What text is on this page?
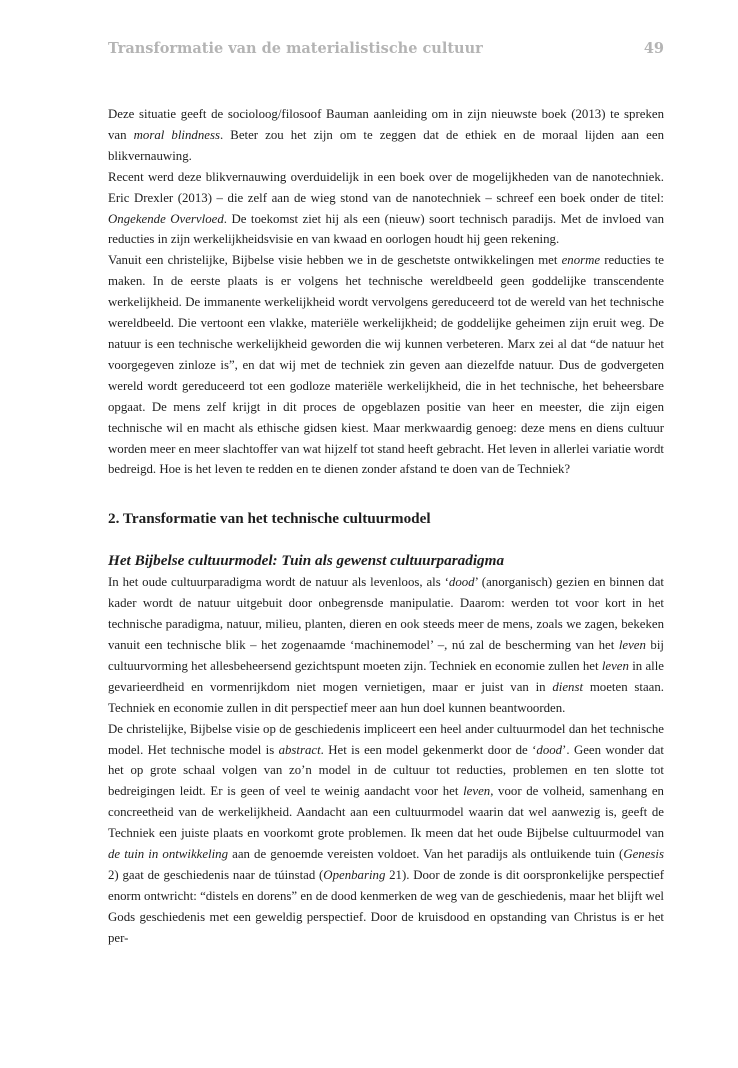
Transformatie van de materialistische cultuur	49

Deze situatie geeft de socioloog/filosoof Bauman aanleiding om in zijn nieuwste boek (2013) te spreken van moral blindness. Beter zou het zijn om te zeggen dat de ethiek en de moraal lijden aan een blikvernauwing.

Recent werd deze blikvernauwing overduidelijk in een boek over de mogelijkheden van de nanotechniek. Eric Drexler (2013) – die zelf aan de wieg stond van de nanotechniek – schreef een boek onder de titel: Ongekende Overvloed. De toekomst ziet hij als een (nieuw) soort technisch paradijs. Met de invloed van reducties in zijn werkelijkheidsvisie en van kwaad en oorlogen houdt hij geen rekening.

Vanuit een christelijke, Bijbelse visie hebben we in de geschetste ontwikkelingen met enorme reducties te maken. In de eerste plaats is er volgens het technische wereldbeeld geen goddelijke transcendente werkelijkheid. De immanente werkelijkheid wordt vervolgens gereduceerd tot de wereld van het technische wereldbeeld. Die vertoont een vlakke, materiële werkelijkheid; de goddelijke geheimen zijn eruit weg. De natuur is een technische werkelijkheid geworden die wij kunnen verbeteren. Marx zei al dat “de natuur het voorgegeven zinloze is”, en dat wij met de techniek zin geven aan diezelfde natuur. Dus de godvergeten wereld wordt gereduceerd tot een godloze materiële werkelijkheid, die in het technische, het beheersbare opgaat. De mens zelf krijgt in dit proces de opgeblazen positie van heer en meester, die zijn eigen technische wil en macht als ethische gidsen kiest. Maar merkwaardig genoeg: deze mens en diens cultuur worden meer en meer slachtoffer van wat hijzelf tot stand heeft gebracht. Het leven in allerlei variatie wordt bedreigd. Hoe is het leven te redden en te dienen zonder afstand te doen van de Techniek?

2. Transformatie van het technische cultuurmodel
Het Bijbelse cultuurmodel: Tuin als gewenst cultuurparadigma

In het oude cultuurparadigma wordt de natuur als levenloos, als ‘dood’ (anorganisch) gezien en binnen dat kader wordt de natuur uitgebuit door onbegrensde manipulatie. Daarom: werden tot voor kort in het technische paradigma, natuur, milieu, planten, dieren en ook steeds meer de mens, zoals we zagen, bekeken vanuit een technische blik – het zogenaamde ‘machinemodel’ –, nú zal de bescherming van het leven bij cultuurvorming het allesbeheersend gezichtspunt moeten zijn. Techniek en economie zullen het leven in alle gevarieerdheid en vormenrijkdom niet mogen vernietigen, maar er juist van in dienst moeten staan. Techniek en economie zullen in dit perspectief meer aan hun doel kunnen beantwoorden.

De christelijke, Bijbelse visie op de geschiedenis impliceert een heel ander cultuurmodel dan het technische model. Het technische model is abstract. Het is een model gekenmerkt door de ‘dood’. Geen wonder dat het op grote schaal volgen van zo’n model in de cultuur tot reducties, problemen en ten slotte tot bedreigingen leidt. Er is geen of veel te weinig aandacht voor het leven, voor de volheid, samenhang en concreetheid van de werkelijkheid. Aandacht aan een cultuurmodel waarin dat wel aanwezig is, geeft de Techniek een juiste plaats en voorkomt grote problemen. Ik meen dat het oude Bijbelse cultuurmodel van de tuin in ontwikkeling aan de genoemde vereisten voldoet. Van het paradijs als ontluikende tuin (Genesis 2) gaat de geschiedenis naar de túinstad (Openbaring 21). Door de zonde is dit oorspronkelijke perspectief enorm ontwricht: “distels en dorens” en de dood kenmerken de weg van de geschiedenis, maar het blijft wel Gods geschiedenis met een geweldig perspectief. Door de kruisdood en opstanding van Christus is er het per-
